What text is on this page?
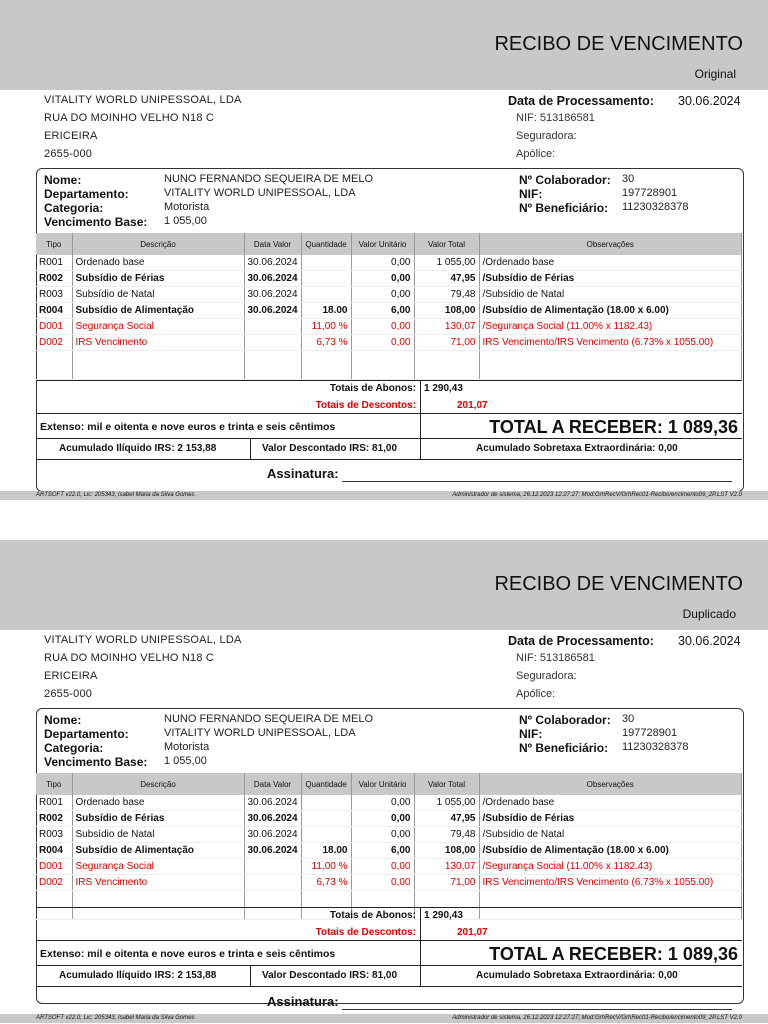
RECIBO DE VENCIMENTO
Original
VITALITY WORLD UNIPESSOAL, LDA
RUA DO MOINHO VELHO N18 C
ERICEIRA
2655-000
Data de Processamento: 30.06.2024
NIF: 513186581
Seguradora:
Apólice:
Nome:	NUNO FERNANDO SEQUEIRA DE MELO
Departamento:	VITALITY WORLD UNIPESSOAL, LDA
Categoria:	Motorista
Vencimento Base: 1 055,00
Nº Colaborador: 30
NIF:	197728901
Nº Beneficiário: 11230328378
Tipo	Descrição	Data Valor	Quantidade	Valor Unitário	Valor Total	Observações
R001	Ordenado base	30.06.2024		0,00	1 055,00	/Ordenado base
R002	Subsídio de Férias	30.06.2024		0,00	47,95	/Subsídio de Férias
R003	Subsídio de Natal	30.06.2024		0,00	79,48	/Subsídio de Natal
R004	Subsídio de Alimentação	30.06.2024	18.00	6,00	108,00	/Subsídio de Alimentação (18.00 x 6.00)
D001	Segurança Social		11,00 %	0,00	130,07	/Segurança Social (11.00% x 1182.43)
D002	IRS Vencimento		6,73 %	0,00	71,00	IRS Vencimento/IRS Vencimento (6.73% x 1055.00)

Totais de Abonos: 1 290,43
Totais de Descontos:	201,07
Extenso: mil e oitenta e nove euros e trinta e seis cêntimos	TOTAL A RECEBER: 1 089,36
Acumulado Ilíquido IRS: 2 153,88	Valor Descontado IRS: 81,00	Acumulado Sobretaxa Extraordinária: 0,00
Assinatura:
ARTSOFT v22.0, Lic: 205343, Isabel Maria da Silva Gomes	Administrador de sistema, 26.12.2023 12:27:27; Mod:GrhRecV/GrhRec01-Recibo/encimento09_2P.LST V2.0
RECIBO DE VENCIMENTO
Duplicado
VITALITY WORLD UNIPESSOAL, LDA
RUA DO MOINHO VELHO N18 C
ERICEIRA
2655-000
Data de Processamento: 30.06.2024
NIF: 513186581
Seguradora:
Apólice:
Nome:	NUNO FERNANDO SEQUEIRA DE MELO
Departamento:	VITALITY WORLD UNIPESSOAL, LDA
Categoria:	Motorista
Vencimento Base: 1 055,00
Nº Colaborador: 30
NIF:	197728901
Nº Beneficiário: 11230328378
Tipo	Descrição	Data Valor	Quantidade	Valor Unitário	Valor Total	Observações
R001	Ordenado base	30.06.2024		0,00	1 055,00	/Ordenado base
R002	Subsídio de Férias	30.06.2024		0,00	47,95	/Subsídio de Férias
R003	Subsídio de Natal	30.06.2024		0,00	79,48	/Subsídio de Natal
R004	Subsídio de Alimentação	30.06.2024	18.00	6,00	108,00	/Subsídio de Alimentação (18.00 x 6.00)
D001	Segurança Social		11,00 %	0,00	130,07	/Segurança Social (11.00% x 1182.43)
D002	IRS Vencimento		6,73 %	0,00	71,00	IRS Vencimento/IRS Vencimento (6.73% x 1055.00)

Totais de Abonos: 1 290,43
Totais de Descontos:	201,07
Extenso: mil e oitenta e nove euros e trinta e seis cêntimos	TOTAL A RECEBER: 1 089,36
Acumulado Ilíquido IRS: 2 153,88	Valor Descontado IRS: 81,00	Acumulado Sobretaxa Extraordinária: 0,00
Assinatura:
ARTSOFT v22.0, Lic: 205343, Isabel Maria da Silva Gomes	Administrador de sistema, 26.12.2023 12:27:27; Mod:GrhRecV/GrhRec01-Recibo/encimento09_2P.LST V2.0
